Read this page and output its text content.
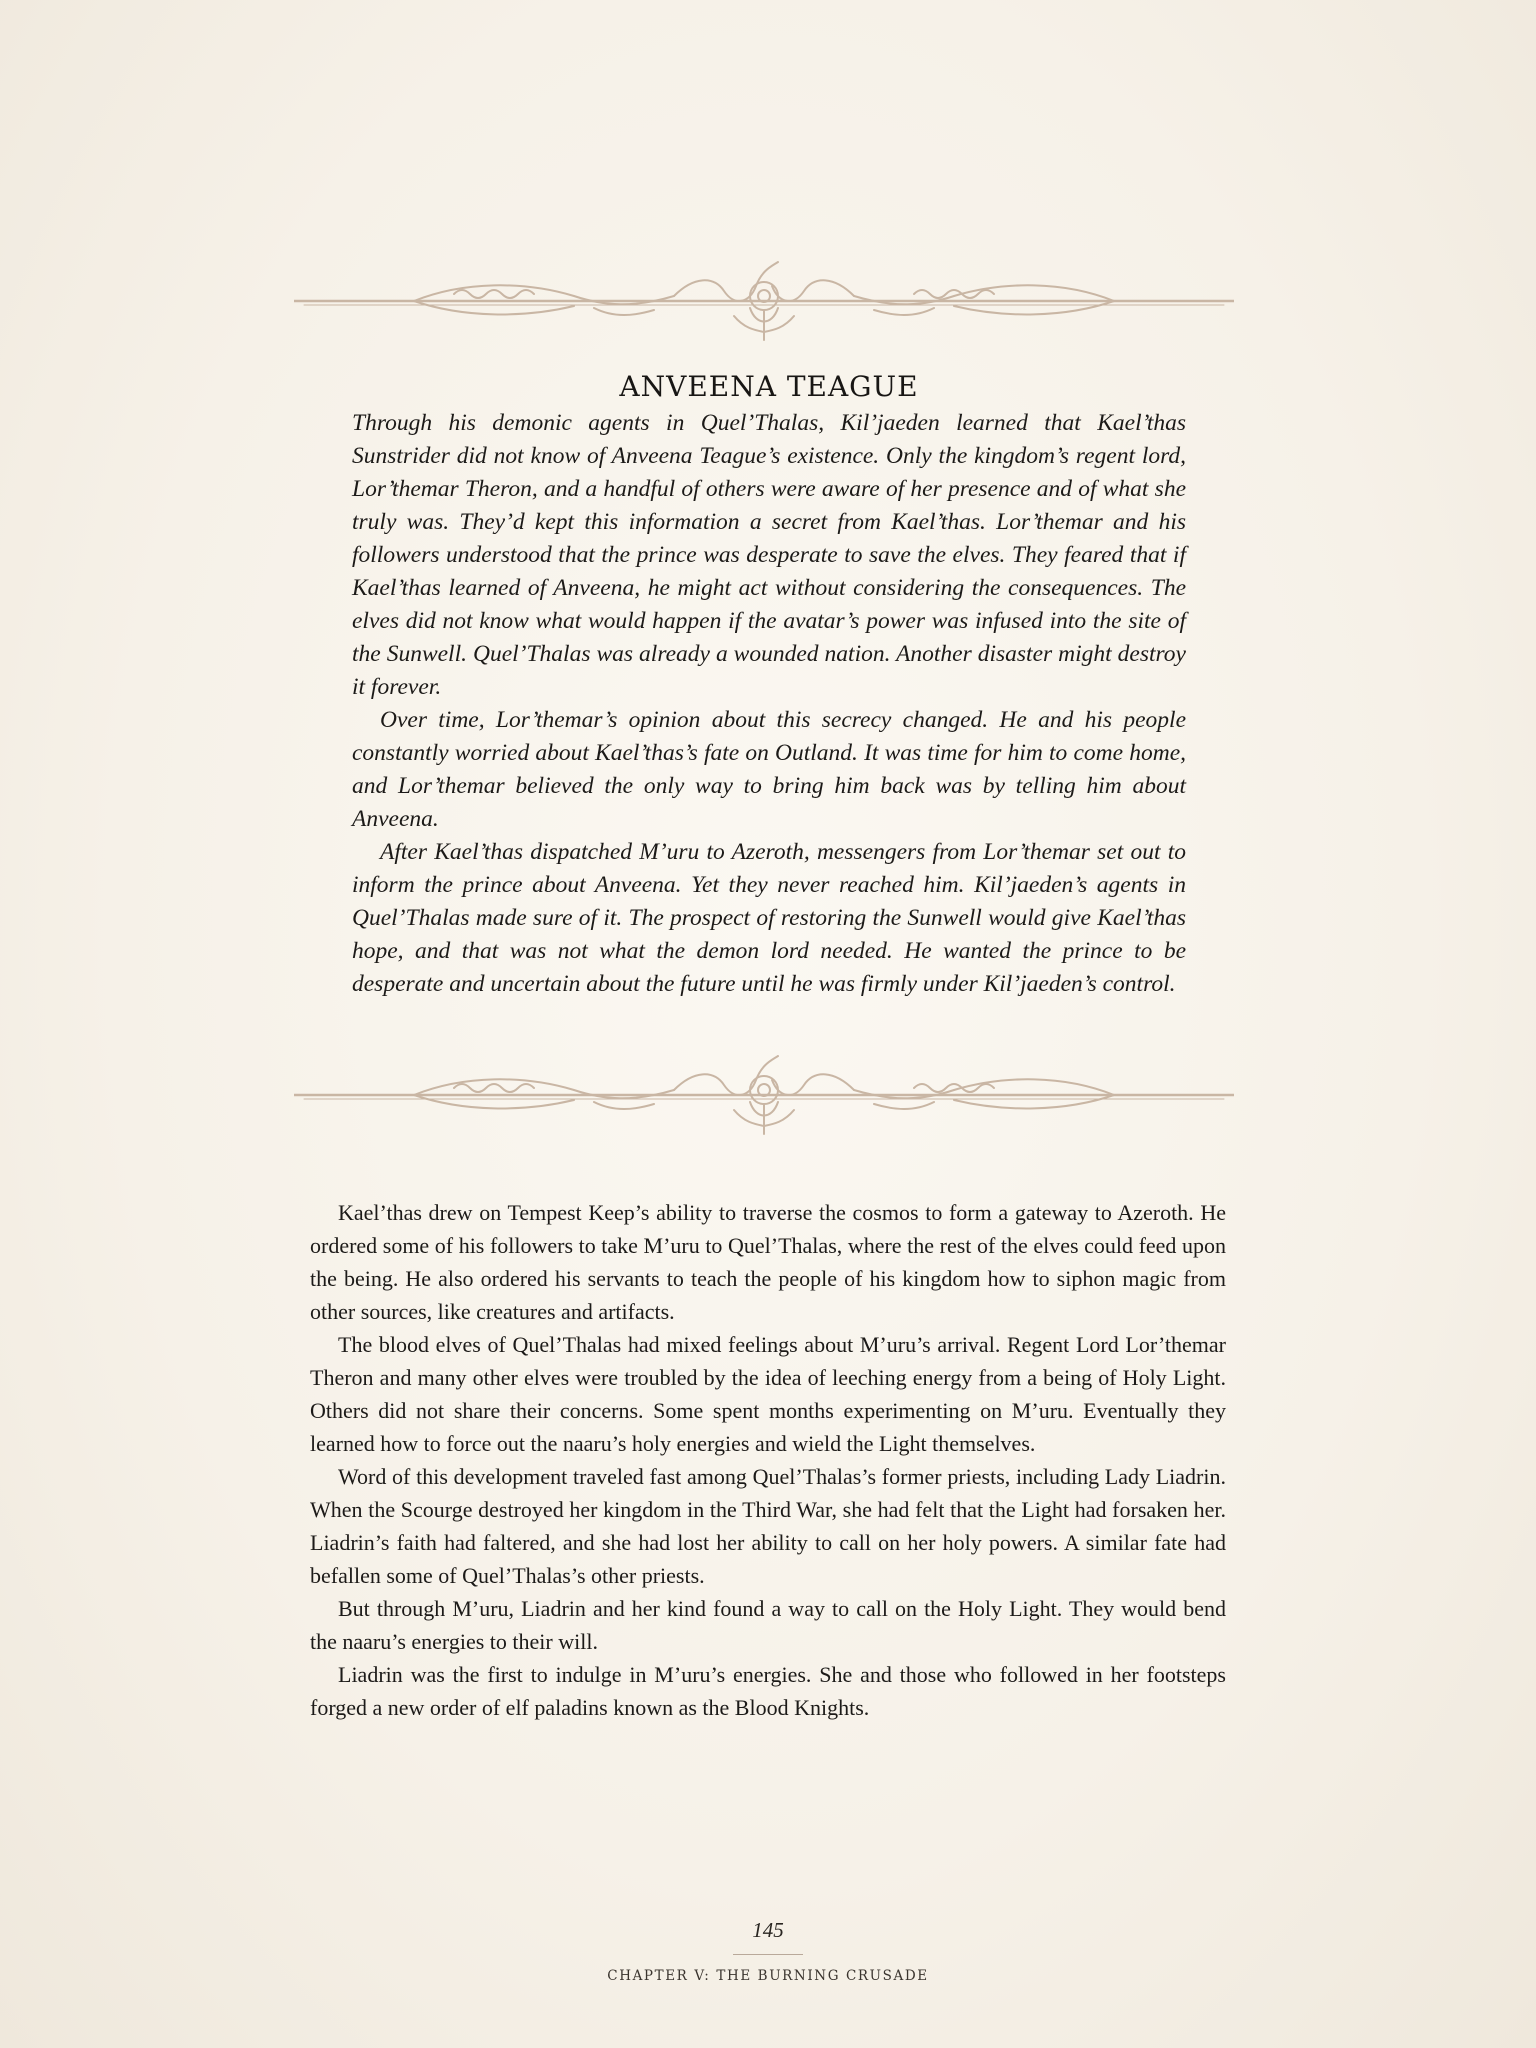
ANVEENA TEAGUE

Through his demonic agents in Quel’Thalas, Kil’jaeden learned that Kael’thas Sunstrider did not know of Anveena Teague’s existence. Only the kingdom’s regent lord, Lor’themar Theron, and a handful of others were aware of her presence and of what she truly was. They’d kept this information a secret from Kael’thas. Lor’themar and his followers understood that the prince was desperate to save the elves. They feared that if Kael’thas learned of Anveena, he might act without considering the consequences. The elves did not know what would happen if the avatar’s power was infused into the site of the Sunwell. Quel’Thalas was already a wounded nation. Another disaster might destroy it forever.

Over time, Lor’themar’s opinion about this secrecy changed. He and his people constantly worried about Kael’thas’s fate on Outland. It was time for him to come home, and Lor’themar believed the only way to bring him back was by telling him about Anveena.

After Kael’thas dispatched M’uru to Azeroth, messengers from Lor’themar set out to inform the prince about Anveena. Yet they never reached him. Kil’jaeden’s agents in Quel’Thalas made sure of it. The prospect of restoring the Sunwell would give Kael’thas hope, and that was not what the demon lord needed. He wanted the prince to be desperate and uncertain about the future until he was firmly under Kil’jaeden’s control.

Kael’thas drew on Tempest Keep’s ability to traverse the cosmos to form a gateway to Azeroth. He ordered some of his followers to take M’uru to Quel’Thalas, where the rest of the elves could feed upon the being. He also ordered his servants to teach the people of his kingdom how to siphon magic from other sources, like creatures and artifacts.

The blood elves of Quel’Thalas had mixed feelings about M’uru’s arrival. Regent Lord Lor’themar Theron and many other elves were troubled by the idea of leeching energy from a being of Holy Light. Others did not share their concerns. Some spent months experimenting on M’uru. Eventually they learned how to force out the naaru’s holy energies and wield the Light themselves.

Word of this development traveled fast among Quel’Thalas’s former priests, including Lady Liadrin. When the Scourge destroyed her kingdom in the Third War, she had felt that the Light had forsaken her. Liadrin’s faith had faltered, and she had lost her ability to call on her holy powers. A similar fate had befallen some of Quel’Thalas’s other priests.

But through M’uru, Liadrin and her kind found a way to call on the Holy Light. They would bend the naaru’s energies to their will.

Liadrin was the first to indulge in M’uru’s energies. She and those who followed in her footsteps forged a new order of elf paladins known as the Blood Knights.

145
CHAPTER V: THE BURNING CRUSADE
